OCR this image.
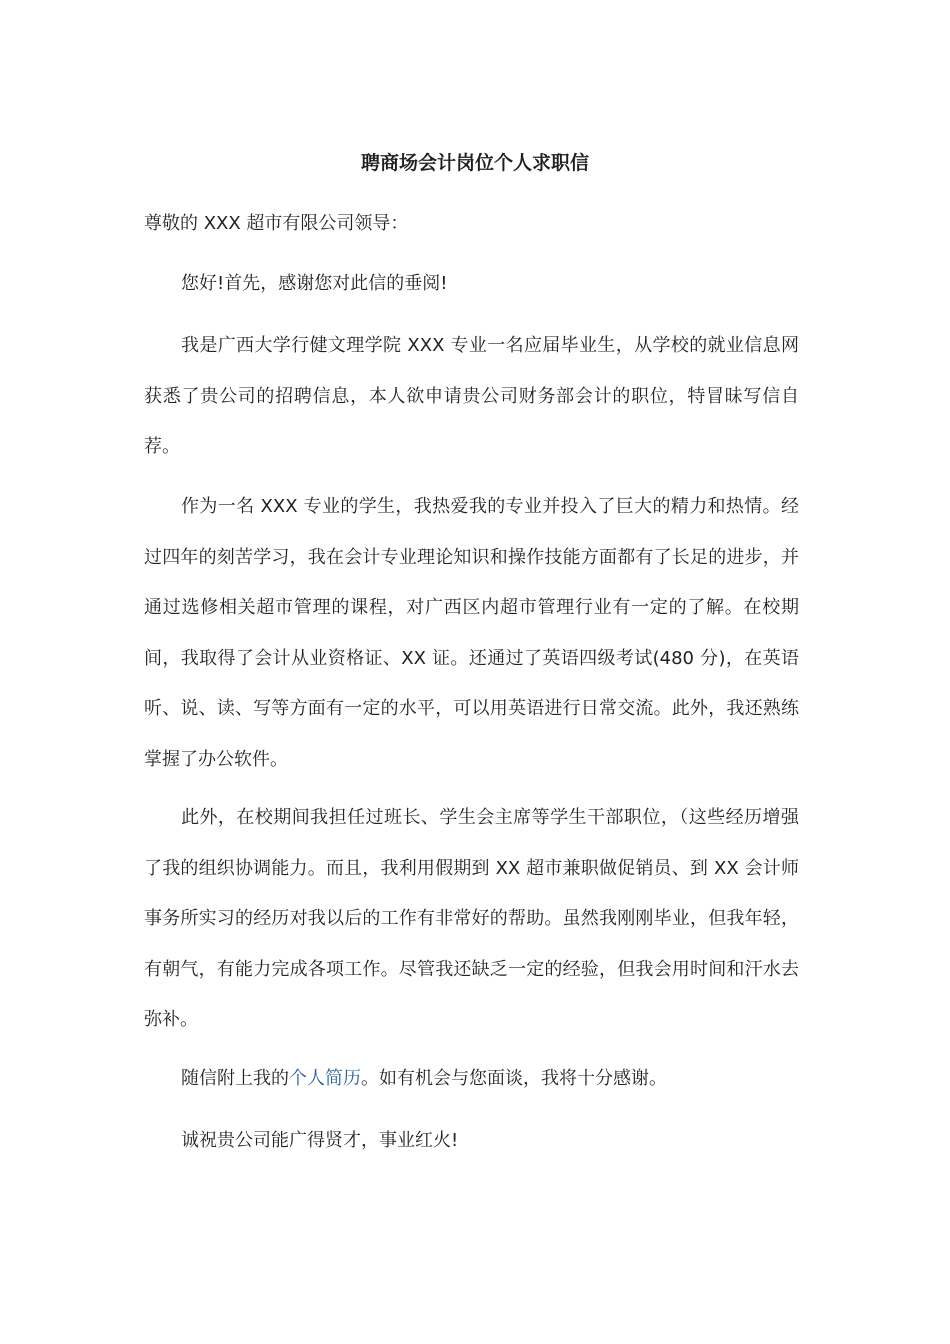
聘商场会计岗位个人求职信
尊敬的 XXX 超市有限公司领导：
您好!首先，感谢您对此信的垂阅!
我是广西大学行健文理学院 XXX 专业一名应届毕业生，从学校的就业信息网获悉了贵公司的招聘信息，本人欲申请贵公司财务部会计的职位，特冒昧写信自荐。
作为一名 XXX 专业的学生，我热爱我的专业并投入了巨大的精力和热情。经过四年的刻苦学习，我在会计专业理论知识和操作技能方面都有了长足的进步，并通过选修相关超市管理的课程，对广西区内超市管理行业有一定的了解。在校期间，我取得了会计从业资格证、XX 证。还通过了英语四级考试(480 分)，在英语听、说、读、写等方面有一定的水平，可以用英语进行日常交流。此外，我还熟练掌握了办公软件。
此外，在校期间我担任过班长、学生会主席等学生干部职位，（这些经历增强了我的组织协调能力。而且，我利用假期到 XX 超市兼职做促销员、到 XX 会计师事务所实习的经历对我以后的工作有非常好的帮助。虽然我刚刚毕业，但我年轻，有朝气，有能力完成各项工作。尽管我还缺乏一定的经验，但我会用时间和汗水去弥补。
随信附上我的个人简历。如有机会与您面谈，我将十分感谢。
诚祝贵公司能广得贤才，事业红火!
